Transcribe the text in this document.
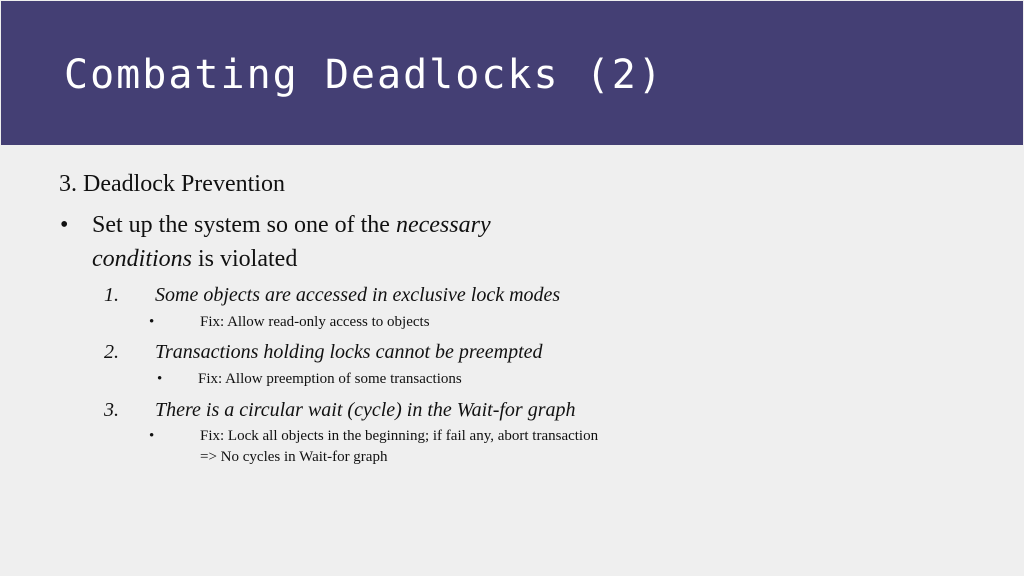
Combating Deadlocks (2)
3. Deadlock Prevention
• Set up the system so one of the necessary
conditions is violated
1. Some objects are accessed in exclusive lock modes
•	Fix: Allow read-only access to objects
2. Transactions holding locks cannot be preempted
• Fix: Allow preemption of some transactions
3. There is a circular wait (cycle) in the Wait-for graph
•	Fix: Lock all objects in the beginning; if fail any, abort transaction
=> No cycles in Wait-for graph
